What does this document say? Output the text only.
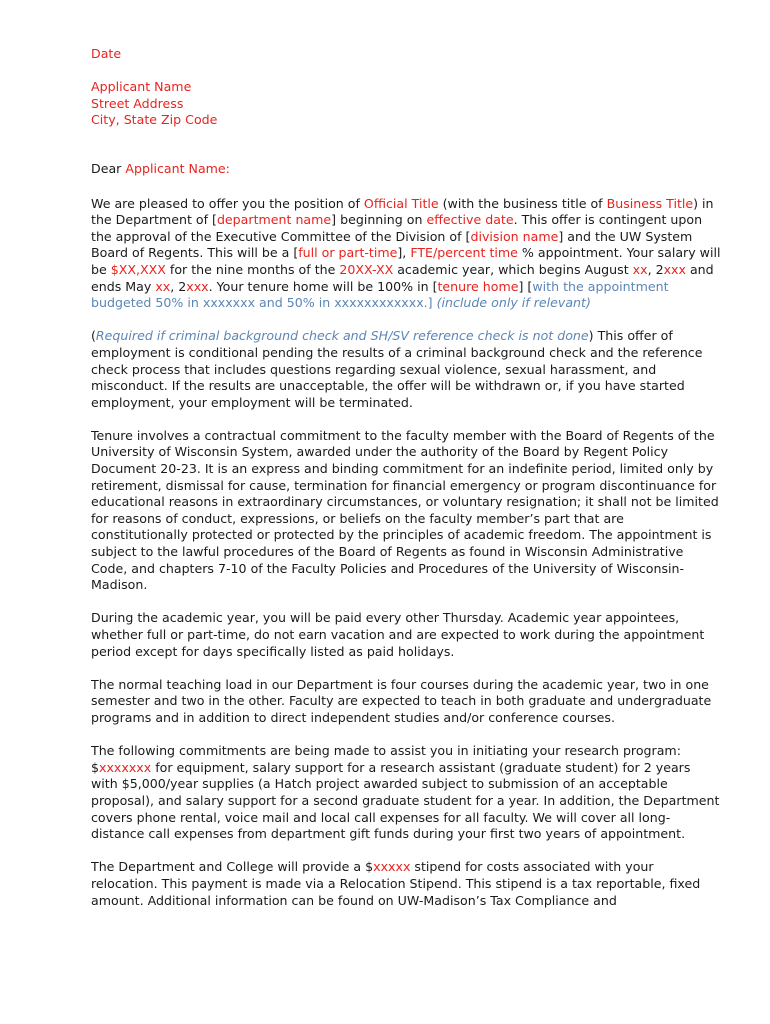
Date

Applicant Name

Street Address

City, State Zip Code

Dear Applicant Name:

We are pleased to offer you the position of Official Title (with the business title of Business Title) in the Department of [department name] beginning on effective date. This offer is contingent upon the approval of the Executive Committee of the Division of [division name] and the UW System Board of Regents. This will be a [full or part-time], FTE/percent time % appointment. Your salary will be $XX,XXX for the nine months of the 20XX-XX academic year, which begins August xx, 2xxx and ends May xx, 2xxx. Your tenure home will be 100% in [tenure home] [with the appointment budgeted 50% in xxxxxxx and 50% in xxxxxxxxxxxx.] (include only if relevant)

(Required if criminal background check and SH/SV reference check is not done) This offer of employment is conditional pending the results of a criminal background check and the reference check process that includes questions regarding sexual violence, sexual harassment, and misconduct. If the results are unacceptable, the offer will be withdrawn or, if you have started employment, your employment will be terminated.

Tenure involves a contractual commitment to the faculty member with the Board of Regents of the University of Wisconsin System, awarded under the authority of the Board by Regent Policy Document 20-23. It is an express and binding commitment for an indefinite period, limited only by retirement, dismissal for cause, termination for financial emergency or program discontinuance for educational reasons in extraordinary circumstances, or voluntary resignation; it shall not be limited for reasons of conduct, expressions, or beliefs on the faculty member’s part that are constitutionally protected or protected by the principles of academic freedom. The appointment is subject to the lawful procedures of the Board of Regents as found in Wisconsin Administrative Code, and chapters 7-10 of the Faculty Policies and Procedures of the University of Wisconsin-Madison.

During the academic year, you will be paid every other Thursday. Academic year appointees, whether full or part-time, do not earn vacation and are expected to work during the appointment period except for days specifically listed as paid holidays.

The normal teaching load in our Department is four courses during the academic year, two in one semester and two in the other. Faculty are expected to teach in both graduate and undergraduate programs and in addition to direct independent studies and/or conference courses.

The following commitments are being made to assist you in initiating your research program: $xxxxxxx for equipment, salary support for a research assistant (graduate student) for 2 years with $5,000/year supplies (a Hatch project awarded subject to submission of an acceptable proposal), and salary support for a second graduate student for a year. In addition, the Department covers phone rental, voice mail and local call expenses for all faculty. We will cover all long-distance call expenses from department gift funds during your first two years of appointment.

The Department and College will provide a $xxxxx stipend for costs associated with your relocation. This payment is made via a Relocation Stipend. This stipend is a tax reportable, fixed amount. Additional information can be found on UW-Madison’s Tax Compliance and
